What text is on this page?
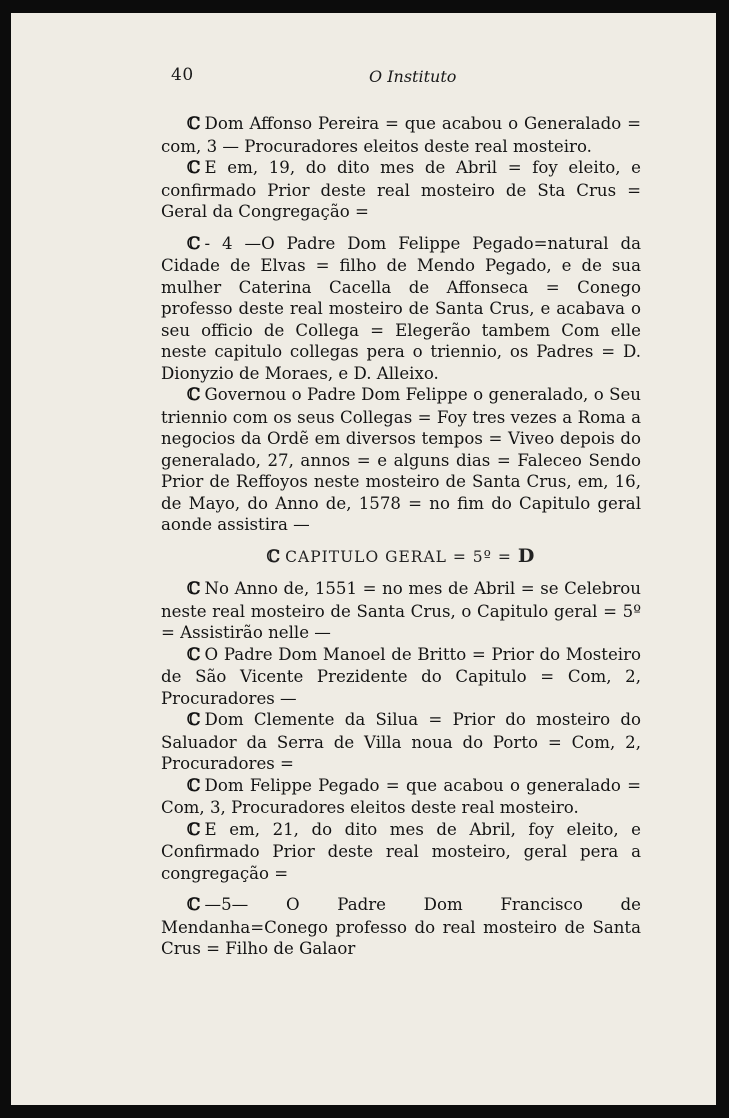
40	O Instituto

ℂ Dom Affonso Pereira = que acabou o Generalado = com, 3 — Procuradores eleitos deste real mosteiro.

ℂ E em, 19, do dito mes de Abril = foy eleito, e confirmado Prior deste real mosteiro de Sta Crus = Geral da Congregação =

ℂ - 4 —O Padre Dom Felippe Pegado=natural da Cidade de Elvas = filho de Mendo Pegado, e de sua mulher Caterina Cacella de Affonseca = Conego professo deste real mosteiro de Santa Crus, e acabava o seu officio de Collega = Elegerão tambem Com elle neste capitulo collegas pera o triennio, os Padres = D. Dionyzio de Moraes, e D. Alleixo.

ℂ Governou o Padre Dom Felippe o generalado, o Seu triennio com os seus Collegas = Foy tres vezes a Roma a negocios da Ordẽ em diversos tempos = Viveo depois do generalado, 27, annos = e alguns dias = Faleceo Sendo Prior de Reffoyos neste mosteiro de Santa Crus, em, 16, de Mayo, do Anno de, 1578 = no fim do Capitulo geral aonde assistira —

ℂ CAPITULO GERAL = 5º = D

ℂ No Anno de, 1551 = no mes de Abril = se Celebrou neste real mosteiro de Santa Crus, o Capitulo geral = 5º = Assistirão nelle —

ℂ O Padre Dom Manoel de Britto = Prior do Mosteiro de São Vicente Prezidente do Capitulo = Com, 2, Procuradores —

ℂ Dom Clemente da Silua = Prior do mosteiro do Saluador da Serra de Villa noua do Porto = Com, 2, Procuradores =

ℂ Dom Felippe Pegado = que acabou o generalado = Com, 3, Procuradores eleitos deste real mosteiro.

ℂ E em, 21, do dito mes de Abril, foy eleito, e Confirmado Prior deste real mosteiro, geral pera a congregação =

ℂ —5— O Padre Dom Francisco de Mendanha=Conego professo do real mosteiro de Santa Crus = Filho de Galaor
